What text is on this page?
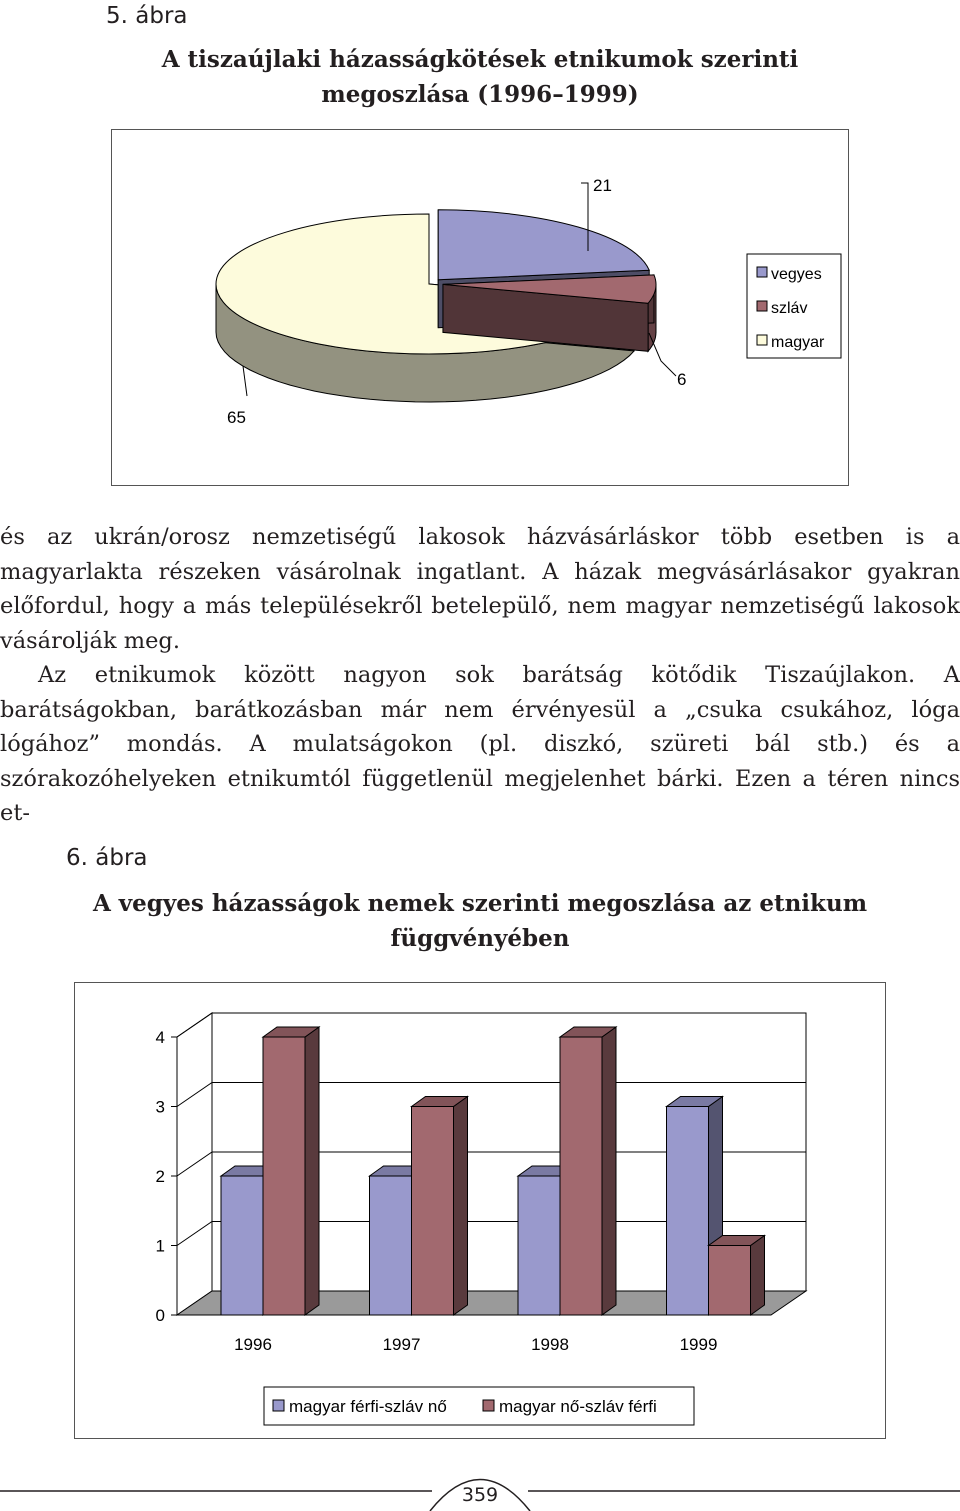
5. ábra
A tiszaújlaki házasságkötések etnikumok szerinti
megoszlása (1996–1999)
21
6
65
vegyes
szláv
magyar

és az ukrán/orosz nemzetiségű lakosok házvásárláskor több esetben is a magyarlakta részeken vásárolnak ingatlant. A házak megvásárlásakor gyakran előfordul, hogy a más településekről betelepülő, nem magyar nemzetiségű lakosok vásárolják meg.

Az etnikumok között nagyon sok barátság kötődik Tiszaújlakon. A barátságokban, barátkozásban már nem érvényesül a „csuka csukához, lóga lógához” mondás. A mulatságokon (pl. diszkó, szüreti bál stb.) és a szórakozóhelyeken etnikumtól függetlenül megjelenhet bárki. Ezen a téren nincs et-

6. ábra
A vegyes házasságok nemek szerinti megoszlása az etnikum
függvényében
0
1
2
3
4
1996	1997	1998	1999
magyar férfi-szláv nő	magyar nő-szláv férfi
359
